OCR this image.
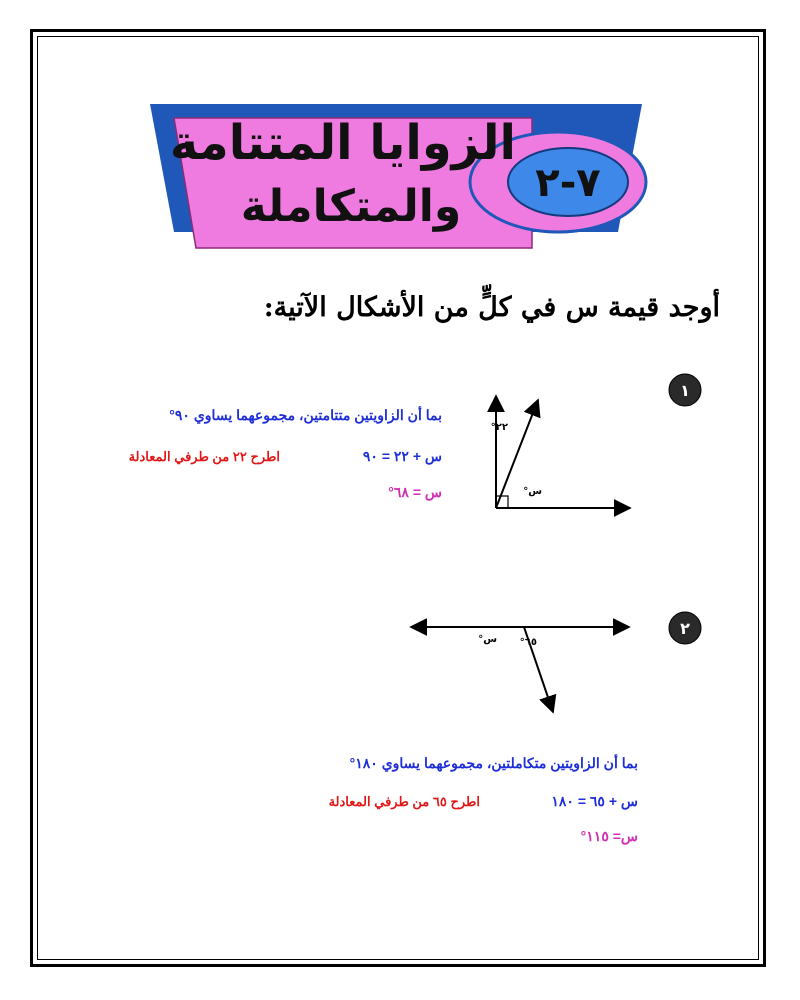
٧-٢
الزوايا المتتامة
والمتكاملة
أوجد قيمة س في كلٍّ من الأشكال الآتية:
١
٢٢°
س°
بما أن الزاويتين متتامتين، مجموعهما يساوي ٩٠°
س + ٢٢ = ٩٠
اطرح ٢٢ من طرفي المعادلة
س = ٦٨°
٢
س° ٦٥°
بما أن الزاويتين متكاملتين، مجموعهما يساوي ١٨٠°
س + ٦٥ = ١٨٠
اطرح ٦٥ من طرفي المعادلة
س= ١١٥°
